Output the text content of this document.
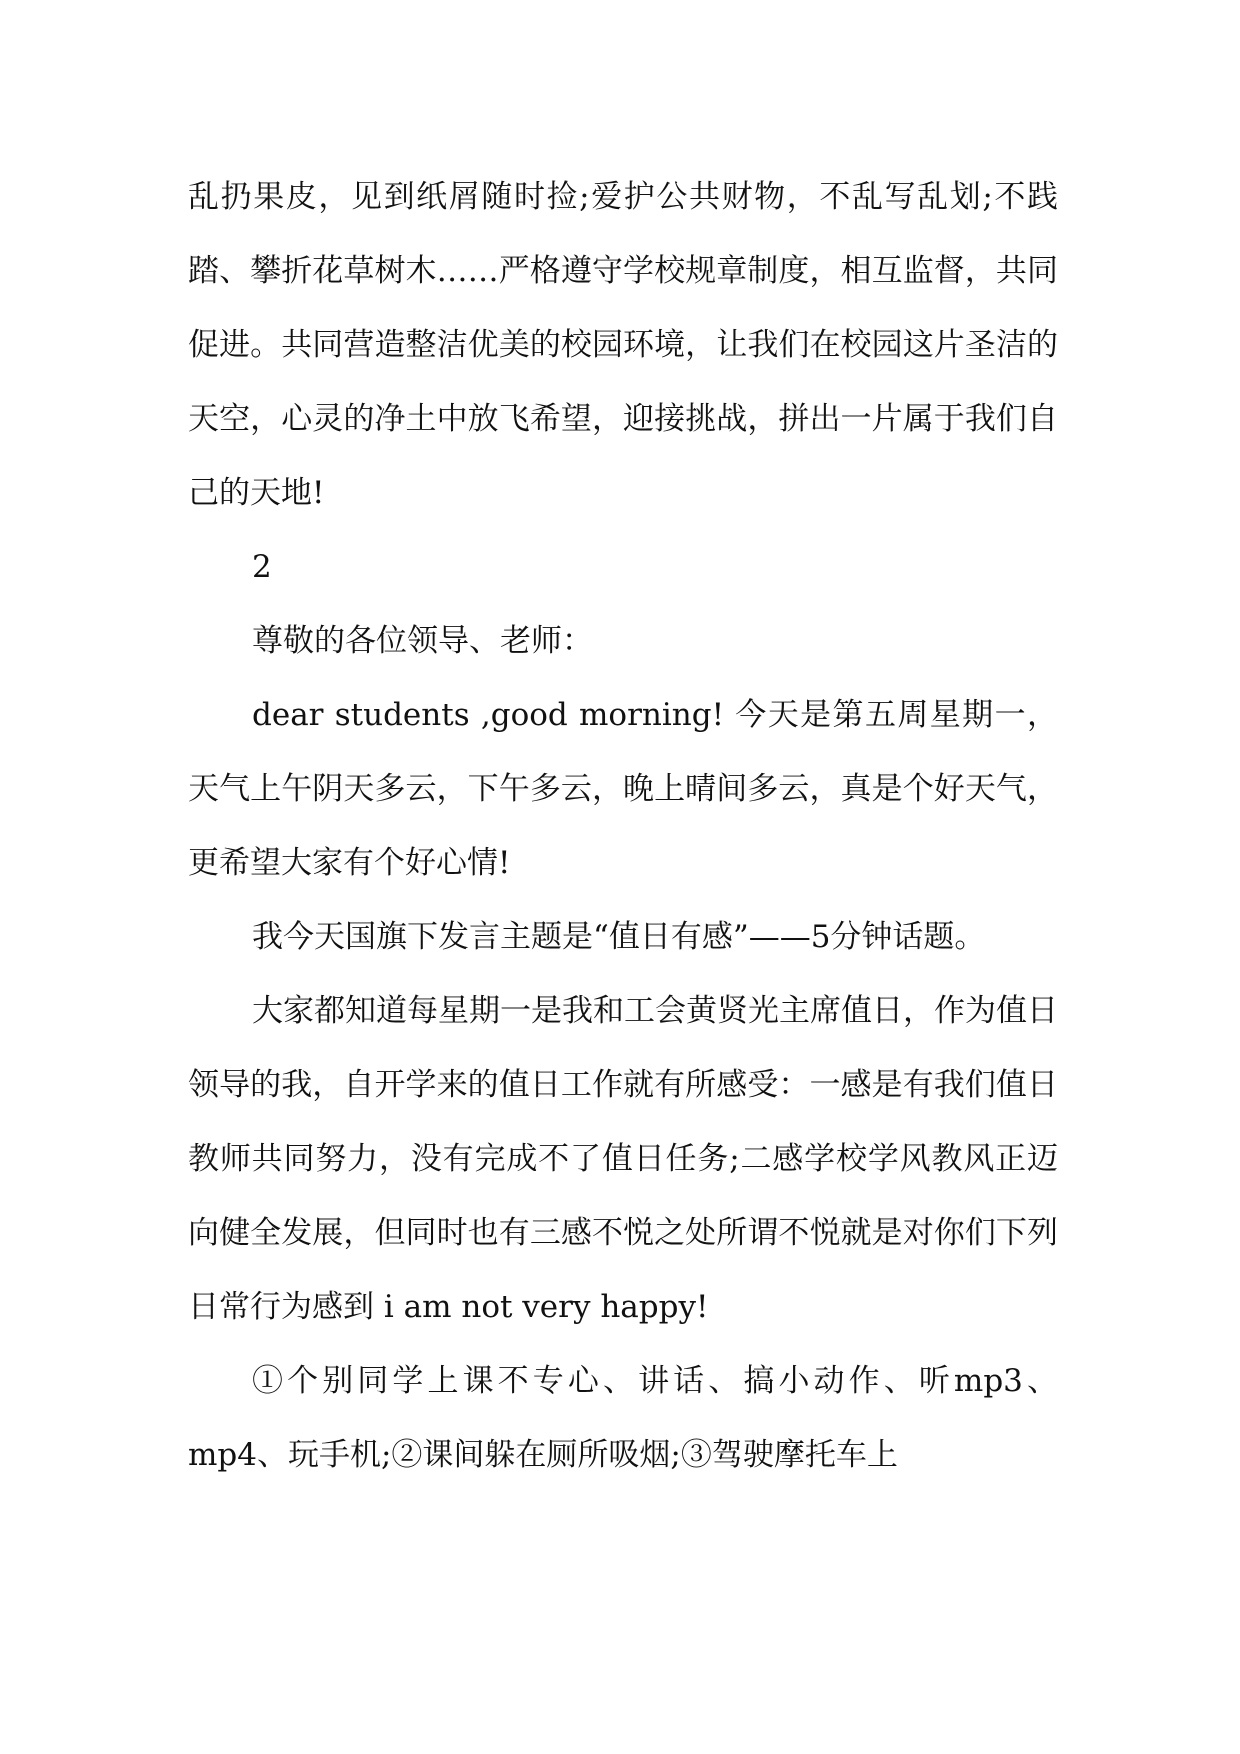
乱扔果皮，见到纸屑随时捡;爱护公共财物，不乱写乱划;不践踏、攀折花草树木……严格遵守学校规章制度，相互监督，共同促进。共同营造整洁优美的校园环境，让我们在校园这片圣洁的天空，心灵的净土中放飞希望，迎接挑战，拼出一片属于我们自己的天地!

2

尊敬的各位领导、老师：

dear students ,good morning! 今天是第五周星期一，天气上午阴天多云，下午多云，晚上晴间多云，真是个好天气，更希望大家有个好心情!

我今天国旗下发言主题是“值日有感”——5分钟话题。

大家都知道每星期一是我和工会黄贤光主席值日，作为值日领导的我，自开学来的值日工作就有所感受：一感是有我们值日教师共同努力，没有完成不了值日任务;二感学校学风教风正迈向健全发展，但同时也有三感不悦之处所谓不悦就是对你们下列日常行为感到 i am not very happy!

①个别同学上课不专心、讲话、搞小动作、听mp3、mp4、玩手机;②课间躲在厕所吸烟;③驾驶摩托车上
